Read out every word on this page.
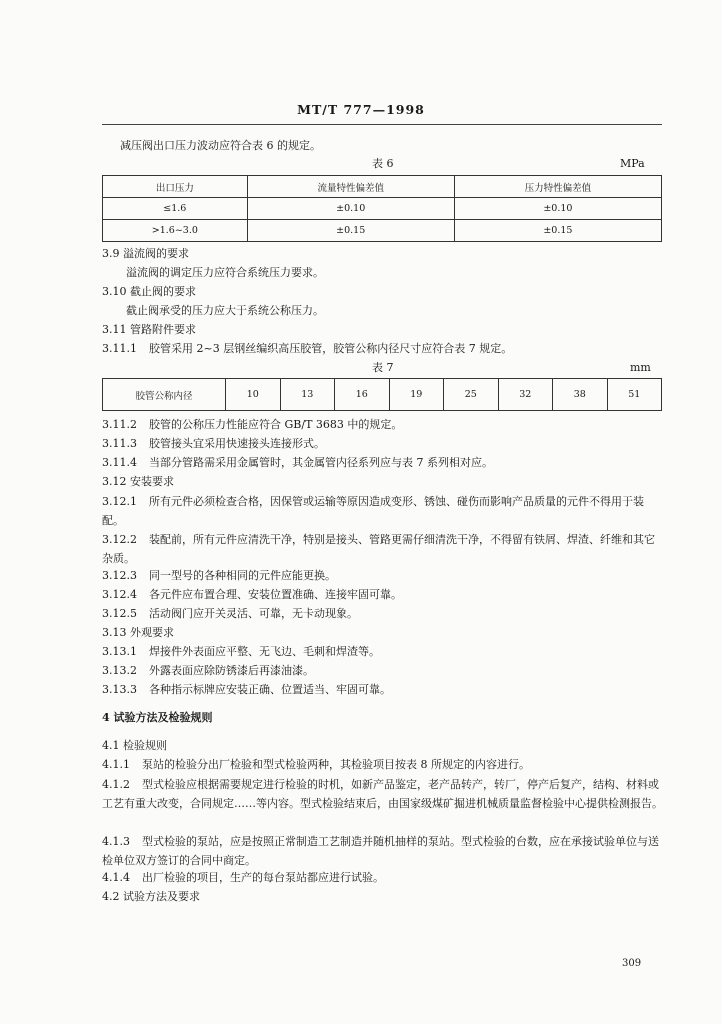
MT/T 777—1998
减压阀出口压力波动应符合表 6 的规定。
表 6	MPa
出口压力	流量特性偏差值	压力特性偏差值
≤1.6	±0.10	±0.10
>1.6~3.0	±0.15	±0.15
3.9 溢流阀的要求
溢流阀的调定压力应符合系统压力要求。
3.10 截止阀的要求
截止阀承受的压力应大于系统公称压力。
3.11 管路附件要求
3.11.1 胶管采用 2~3 层钢丝编织高压胶管，胶管公称内径尺寸应符合表 7 规定。
表 7	mm
胶管公称内径	10	13	16	19	25	32	38	51
3.11.2 胶管的公称压力性能应符合 GB/T 3683 中的规定。
3.11.3 胶管接头宜采用快速接头连接形式。
3.11.4 当部分管路需采用金属管时，其金属管内径系列应与表 7 系列相对应。
3.12 安装要求
3.12.1 所有元件必须检查合格，因保管或运输等原因造成变形、锈蚀、碰伤而影响产品质量的元件不得用于装配。
3.12.2 装配前，所有元件应清洗干净，特别是接头、管路更需仔细清洗干净，不得留有铁屑、焊渣、纤维和其它杂质。
3.12.3 同一型号的各种相同的元件应能更换。
3.12.4 各元件应布置合理、安装位置准确、连接牢固可靠。
3.12.5 活动阀门应开关灵活、可靠，无卡动现象。
3.13 外观要求
3.13.1 焊接件外表面应平整、无飞边、毛刺和焊渣等。
3.13.2 外露表面应除防锈漆后再漆油漆。
3.13.3 各种指示标牌应安装正确、位置适当、牢固可靠。
4 试验方法及检验规则
4.1 检验规则
4.1.1 泵站的检验分出厂检验和型式检验两种，其检验项目按表 8 所规定的内容进行。
4.1.2 型式检验应根据需要规定进行检验的时机，如新产品鉴定，老产品转产，转厂，停产后复产，结构、材料或工艺有重大改变，合同规定……等内容。型式检验结束后，由国家级煤矿掘进机械质量监督检验中心提供检测报告。
4.1.3 型式检验的泵站，应是按照正常制造工艺制造并随机抽样的泵站。型式检验的台数，应在承接试验单位与送检单位双方签订的合同中商定。
4.1.4 出厂检验的项目，生产的每台泵站都应进行试验。
4.2 试验方法及要求
309
